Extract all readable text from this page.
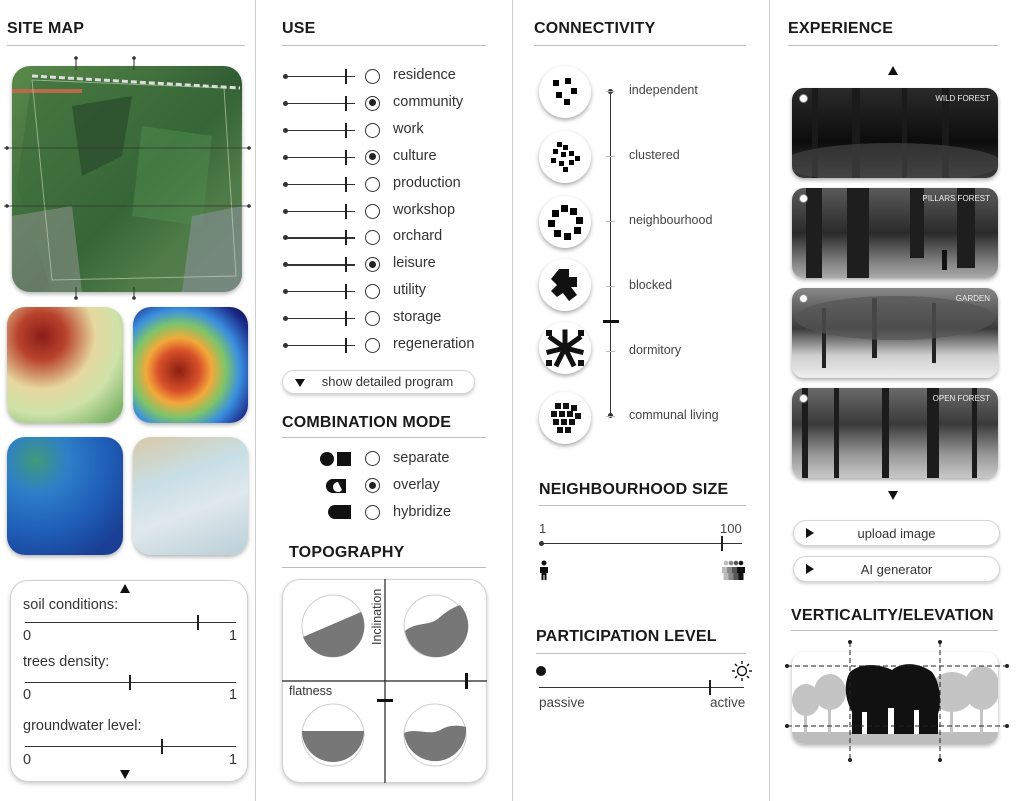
SITE MAP
soil conditions:
0	1
trees density:
0	1
groundwater level:
0	1
USE
residence
community
work
culture
production
workshop
orchard
leisure
utility
storage
regeneration
show detailed program
COMBINATION MODE
separate
overlay
hybridize
TOPOGRAPHY
Inclination
flatness
CONNECTIVITY
independent
clustered
neighbourhood
blocked
dormitory
communal living
NEIGHBOURHOOD SIZE
1	100
PARTICIPATION LEVEL
passive	active
EXPERIENCE
WILD FOREST
PILLARS FOREST
GARDEN
OPEN FOREST
upload image
AI generator
VERTICALITY/ELEVATION
